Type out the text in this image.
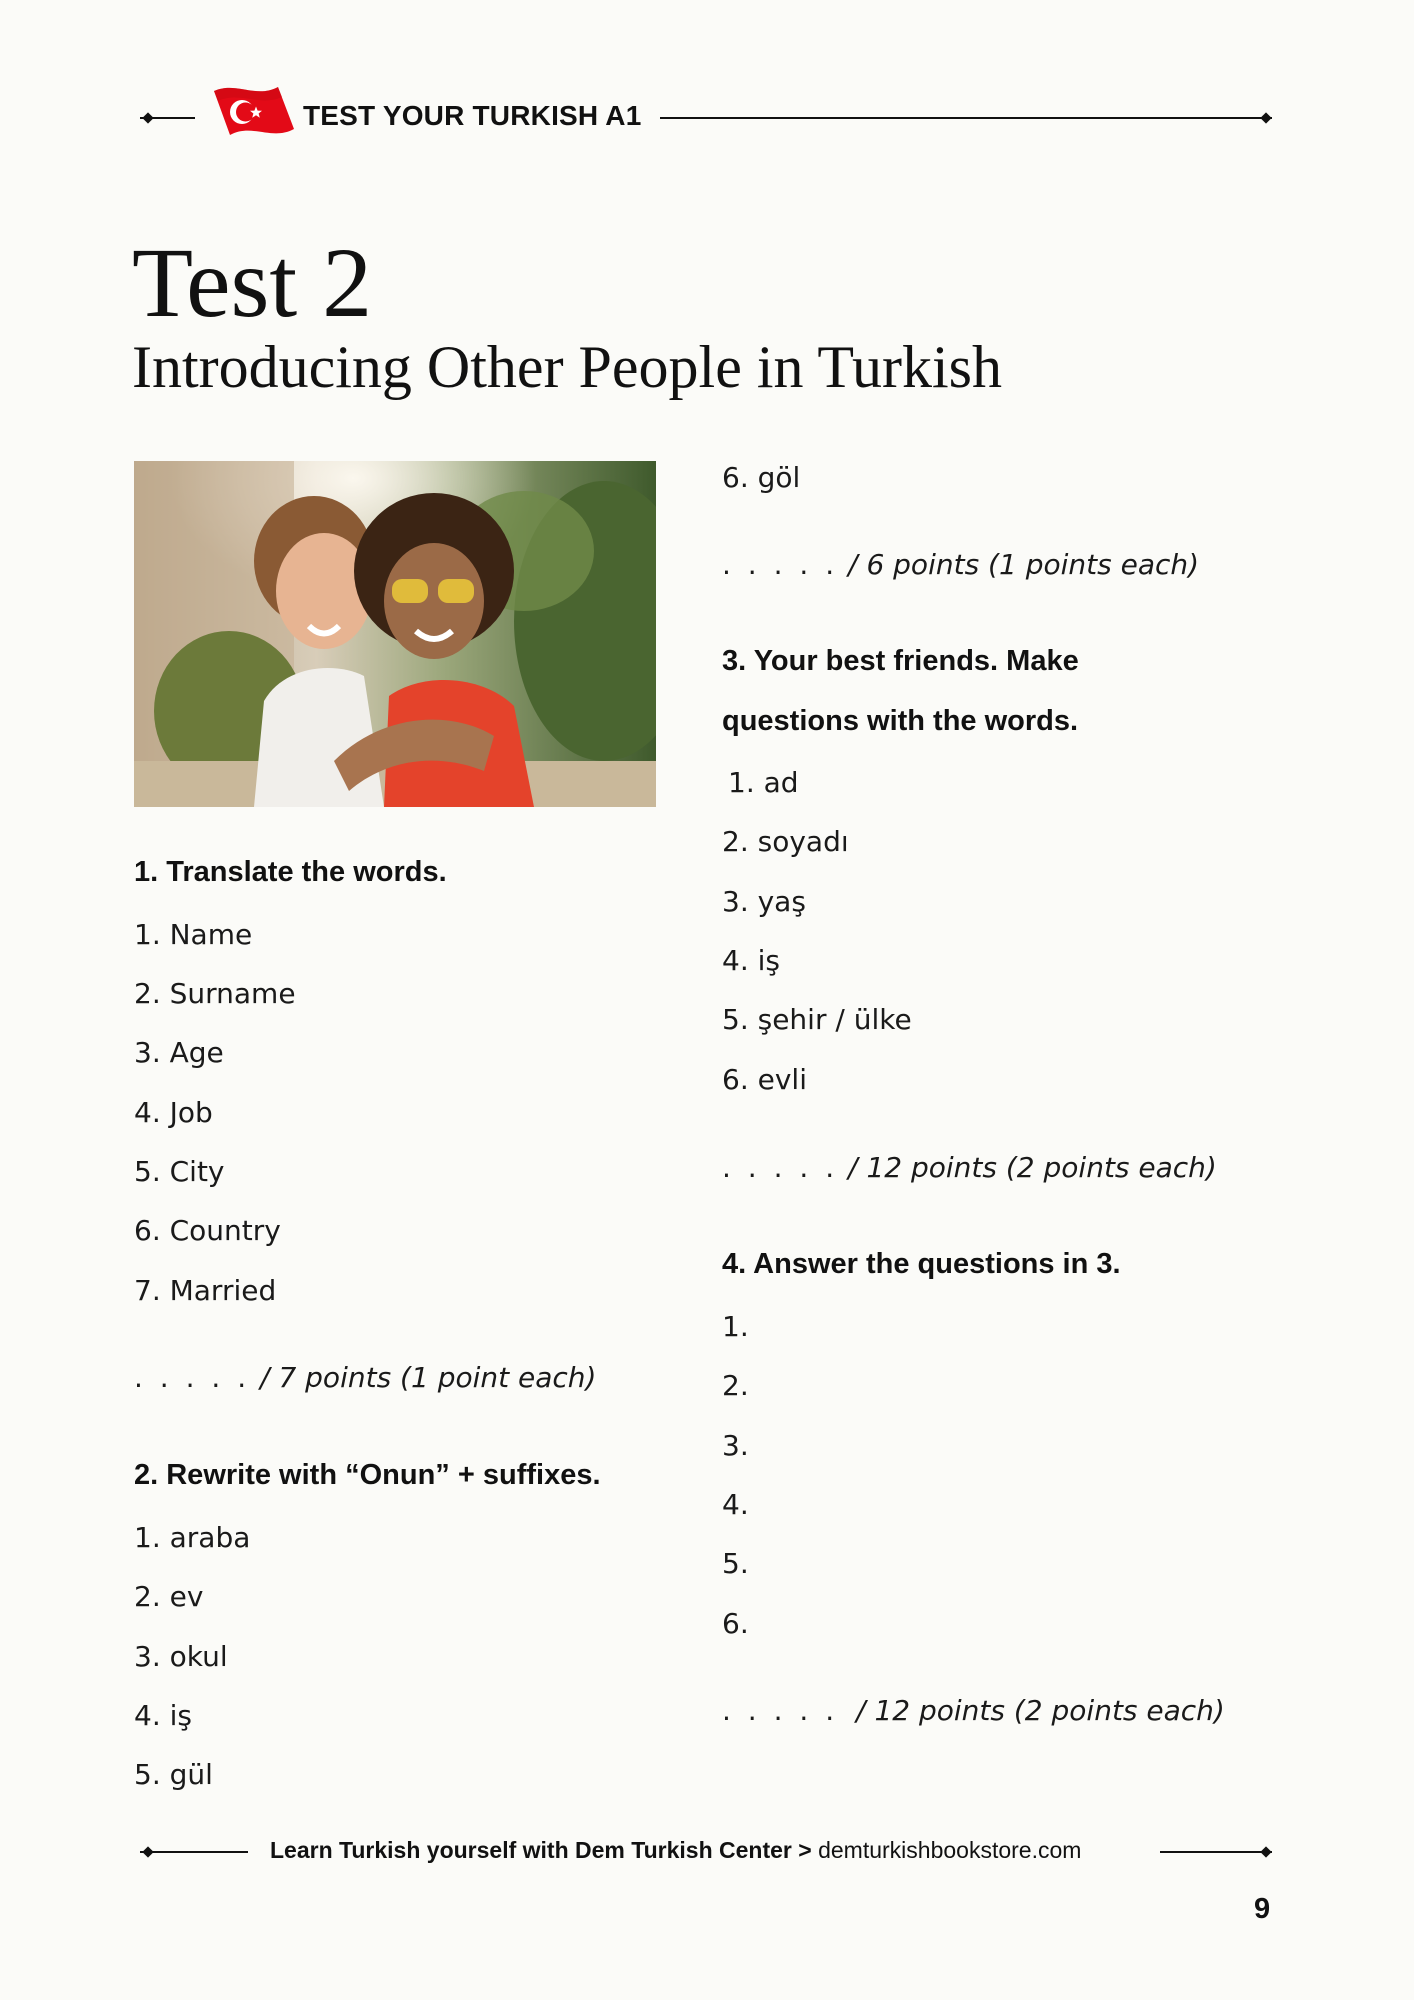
TEST YOUR TURKISH A1
Test 2
Introducing Other People in Turkish
1. Translate the words.
1. Name
2. Surname
3. Age
4. Job
5. City
6. Country
7. Married
. . . . . / 7 points (1 point each)
2. Rewrite with “Onun” + suffixes.
1. araba
2. ev
3. okul
4. iş
5. gül
6. göl
. . . . . / 6 points (1 points each)
3. Your best friends. Make
questions with the words.
1. ad
2. soyadı
3. yaş
4. iş
5. şehir / ülke
6. evli
. . . . . / 12 points (2 points each)
4. Answer the questions in 3.
1.
2.
3.
4.
5.
6.
. . . . . / 12 points (2 points each)
Learn Turkish yourself with Dem Turkish Center > demturkishbookstore.com
9
